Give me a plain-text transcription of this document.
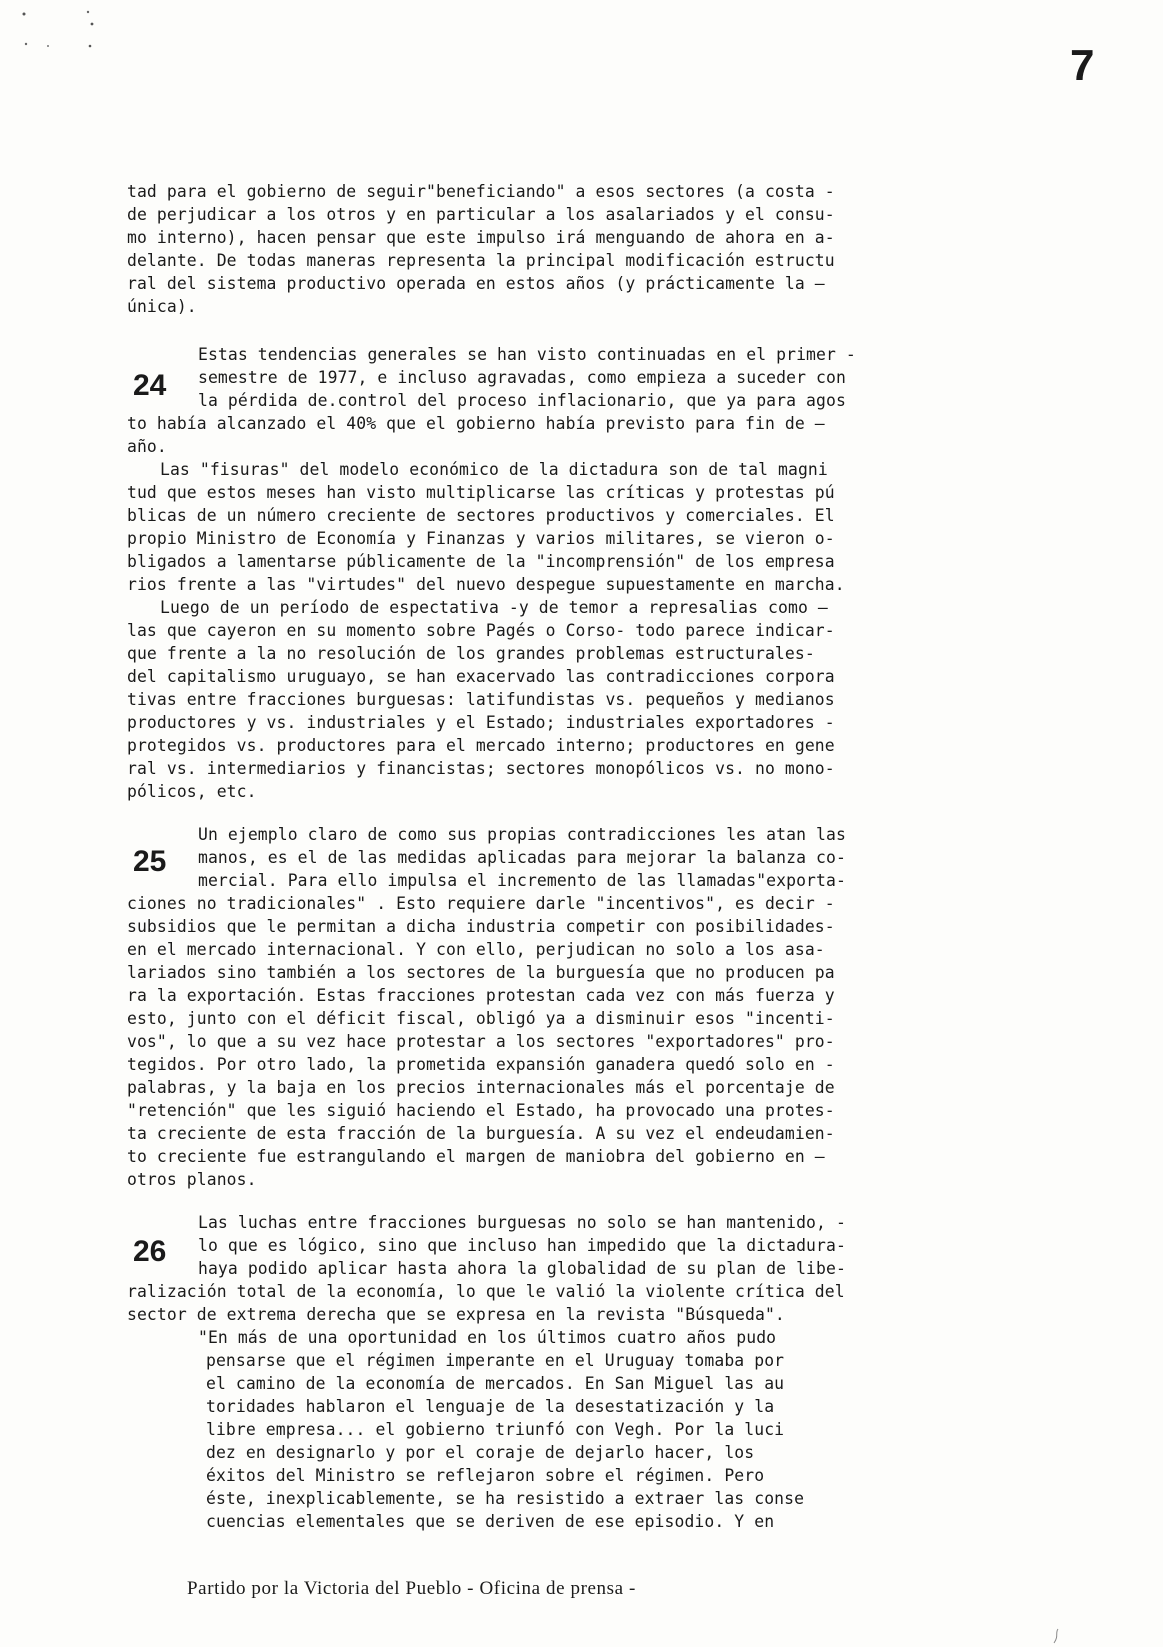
7
tad para el gobierno de seguir"beneficiando" a esos sectores (a costa -
de perjudicar a los otros y en particular a los asalariados y el consu-
mo interno), hacen pensar que este impulso irá menguando de ahora en a-
delante. De todas maneras representa la principal modificación estructu
ral del sistema productivo operada en estos años (y prácticamente la —
única).
24
Estas tendencias generales se han visto continuadas en el primer -
semestre de 1977, e incluso agravadas, como empieza a suceder con
la pérdida de.control del proceso inflacionario, que ya para agos
to había alcanzado el 40% que el gobierno había previsto para fin de —
año.
Las "fisuras" del modelo económico de la dictadura son de tal magni
tud que estos meses han visto multiplicarse las críticas y protestas pú
blicas de un número creciente de sectores productivos y comerciales. El
propio Ministro de Economía y Finanzas y varios militares, se vieron o-
bligados a lamentarse públicamente de la "incomprensión" de los empresa
rios frente a las "virtudes" del nuevo despegue supuestamente en marcha.
Luego de un período de espectativa -y de temor a represalias como —
las que cayeron en su momento sobre Pagés o Corso- todo parece indicar-
que frente a la no resolución de los grandes problemas estructurales-
del capitalismo uruguayo, se han exacervado las contradicciones corpora
tivas entre fracciones burguesas: latifundistas vs. pequeños y medianos
productores y vs. industriales y el Estado; industriales exportadores -
protegidos vs. productores para el mercado interno; productores en gene
ral vs. intermediarios y financistas; sectores monopólicos vs. no mono-
pólicos, etc.
25
Un ejemplo claro de como sus propias contradicciones les atan las
manos, es el de las medidas aplicadas para mejorar la balanza co-
mercial. Para ello impulsa el incremento de las llamadas"exporta-
ciones no tradicionales" . Esto requiere darle "incentivos", es decir -
subsidios que le permitan a dicha industria competir con posibilidades-
en el mercado internacional. Y con ello, perjudican no solo a los asa-
lariados sino también a los sectores de la burguesía que no producen pa
ra la exportación. Estas fracciones protestan cada vez con más fuerza y
esto, junto con el déficit fiscal, obligó ya a disminuir esos "incenti-
vos", lo que a su vez hace protestar a los sectores "exportadores" pro-
tegidos. Por otro lado, la prometida expansión ganadera quedó solo en -
palabras, y la baja en los precios internacionales más el porcentaje de
"retención" que les siguió haciendo el Estado, ha provocado una protes-
ta creciente de esta fracción de la burguesía. A su vez el endeudamien-
to creciente fue estrangulando el margen de maniobra del gobierno en —
otros planos.
26
Las luchas entre fracciones burguesas no solo se han mantenido, -
lo que es lógico, sino que incluso han impedido que la dictadura-
haya podido aplicar hasta ahora la globalidad de su plan de libe-
ralización total de la economía, lo que le valió la violente crítica del
sector de extrema derecha que se expresa en la revista "Búsqueda".
"En más de una oportunidad en los últimos cuatro años pudo
pensarse que el régimen imperante en el Uruguay tomaba por
el camino de la economía de mercados. En San Miguel las au
toridades hablaron el lenguaje de la desestatización y la
libre empresa... el gobierno triunfó con Vegh. Por la luci
dez en designarlo y por el coraje de dejarlo hacer, los
éxitos del Ministro se reflejaron sobre el régimen. Pero
éste, inexplicablemente, se ha resistido a extraer las conse
cuencias elementales que se deriven de ese episodio. Y en
Partido por la Victoria del Pueblo - Oficina de prensa -
